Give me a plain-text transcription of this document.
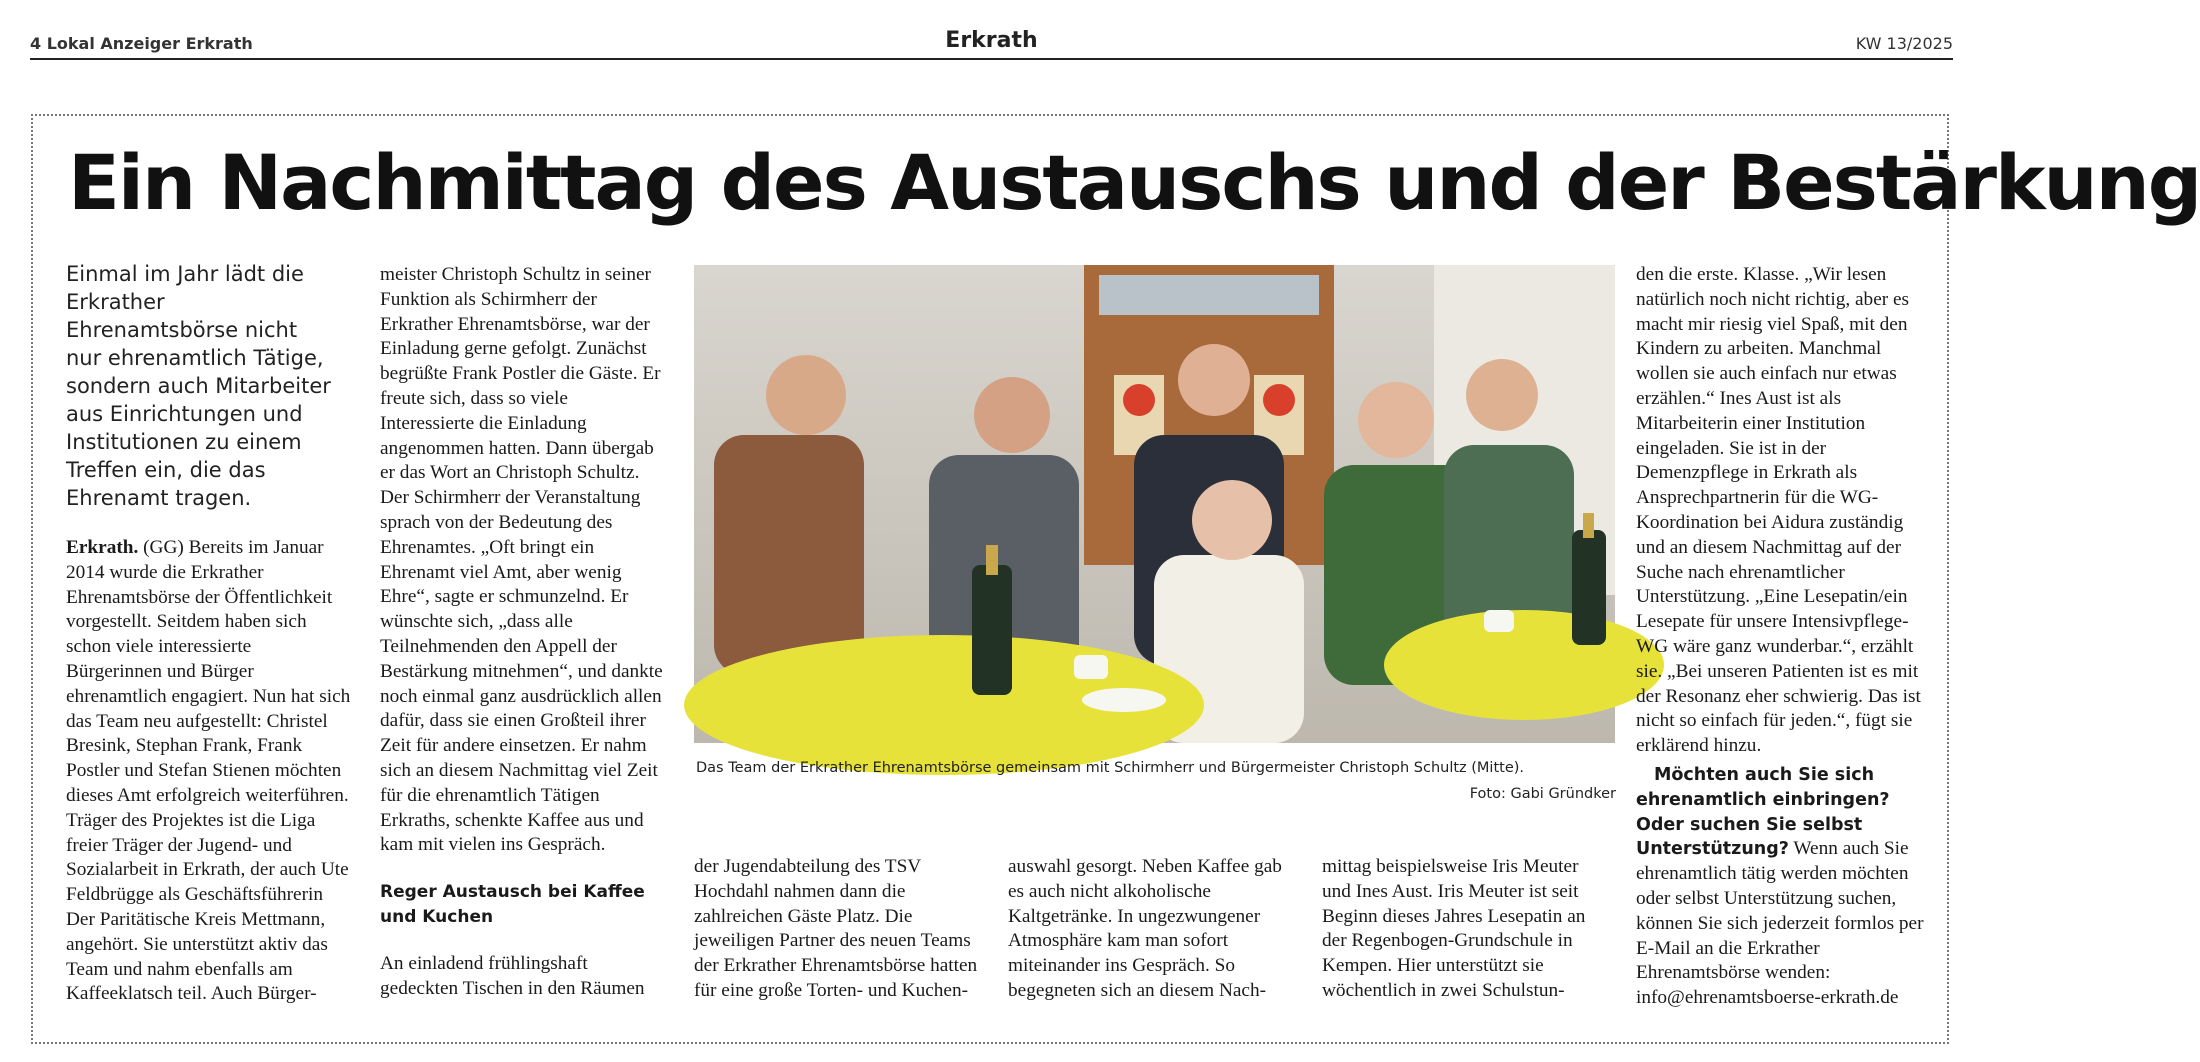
4 Lokal Anzeiger Erkrath	Erkrath	KW 13/2025
Ein Nachmittag des Austauschs und der Bestärkung
Einmal im Jahr lädt die Erkrather Ehrenamtsbörse nicht nur ehrenamtlich Tätige, sondern auch Mitarbeiter aus Einrichtungen und Institutionen zu einem Treffen ein, die das Ehrenamt tragen.
Erkrath. (GG) Bereits im Januar 2014 wurde die Erkrather Ehrenamtsbörse der Öffentlichkeit vorgestellt. Seitdem haben sich schon viele interessierte Bürgerinnen und Bürger ehrenamtlich engagiert. Nun hat sich das Team neu aufgestellt: Christel Bresink, Stephan Frank, Frank Postler und Stefan Stienen möchten dieses Amt erfolgreich weiterführen. Träger des Projektes ist die Liga freier Träger der Jugend- und Sozialarbeit in Erkrath, der auch Ute Feldbrügge als Geschäftsführerin Der Paritätische Kreis Mettmann, angehört. Sie unterstützt aktiv das Team und nahm ebenfalls am Kaffeeklatsch teil. Auch Bürger-
meister Christoph Schultz in seiner Funktion als Schirmherr der Erkrather Ehrenamtsbörse, war der Einladung gerne gefolgt. Zunächst begrüßte Frank Postler die Gäste. Er freute sich, dass so viele Interessierte die Einladung angenommen hatten. Dann übergab er das Wort an Christoph Schultz. Der Schirmherr der Veranstaltung sprach von der Bedeutung des Ehrenamtes. „Oft bringt ein Ehrenamt viel Amt, aber wenig Ehre“, sagte er schmunzelnd. Er wünschte sich, „dass alle Teilnehmenden den Appell der Bestärkung mitnehmen“, und dankte noch einmal ganz ausdrücklich allen dafür, dass sie einen Großteil ihrer Zeit für andere einsetzen. Er nahm sich an diesem Nachmittag viel Zeit für die ehrenamtlich Tätigen Erkraths, schenkte Kaffee aus und kam mit vielen ins Gespräch.
Reger Austausch bei Kaffee und Kuchen
An einladend frühlingshaft gedeckten Tischen in den Räumen
Das Team der Erkrather Ehrenamtsbörse gemeinsam mit Schirmherr und Bürgermeister Christoph Schultz (Mitte).
Foto: Gabi Gründker
der Jugendabteilung des TSV Hochdahl nahmen dann die zahlreichen Gäste Platz. Die jeweiligen Partner des neuen Teams der Erkrather Ehrenamtsbörse hatten für eine große Torten- und Kuchen-
auswahl gesorgt. Neben Kaffee gab es auch nicht alkoholische Kaltgetränke. In ungezwungener Atmosphäre kam man sofort miteinander ins Gespräch. So begegneten sich an diesem Nach-
mittag beispielsweise Iris Meuter und Ines Aust. Iris Meuter ist seit Beginn dieses Jahres Lesepatin an der Regenbogen-Grundschule in Kempen. Hier unterstützt sie wöchentlich in zwei Schulstun-
den die erste. Klasse. „Wir lesen natürlich noch nicht richtig, aber es macht mir riesig viel Spaß, mit den Kindern zu arbeiten. Manchmal wollen sie auch einfach nur etwas erzählen.“ Ines Aust ist als Mitarbeiterin einer Institution eingeladen. Sie ist in der Demenzpflege in Erkrath als Ansprechpartnerin für die WG-Koordination bei Aidura zuständig und an diesem Nachmittag auf der Suche nach ehrenamtlicher Unterstützung. „Eine Lesepatin/ein Lesepate für unsere Intensivpflege-WG wäre ganz wunderbar.“, erzählt sie. „Bei unseren Patienten ist es mit der Resonanz eher schwierig. Das ist nicht so einfach für jeden.“, fügt sie erklärend hinzu.
Möchten auch Sie sich ehrenamtlich einbringen? Oder suchen Sie selbst Unterstützung? Wenn auch Sie ehrenamtlich tätig werden möchten oder selbst Unterstützung suchen, können Sie sich jederzeit formlos per E-Mail an die Erkrather Ehrenamtsbörse wenden: info@ehrenamtsboerse-erkrath.de
